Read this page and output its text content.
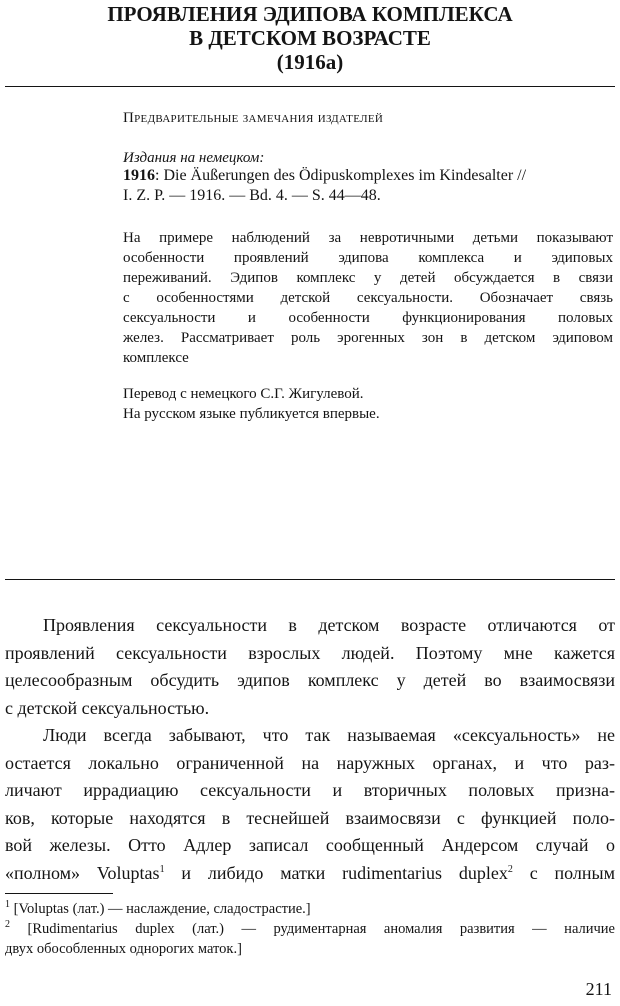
ПРОЯВЛЕНИЯ ЭДИПОВА КОМПЛЕКСА
В ДЕТСКОМ ВОЗРАСТЕ
(1916а)
Предварительные замечания издателей
Издания на немецком:
1916: Die Äußerungen des Ödipuskomplexes im Kindesalter //
I. Z. P. — 1916. — Bd. 4. — S. 44—48.
На примере наблюдений за невротичными детьми показывают
особенности проявлений эдипова комплекса и эдиповых
переживаний. Эдипов комплекс у детей обсуждается в связи
с особенностями детской сексуальности. Обозначает связь
сексуальности и особенности функционирования половых
желез. Рассматривает роль эрогенных зон в детском эдиповом
комплексе
Перевод с немецкого С.Г. Жигулевой.
На русском языке публикуется впервые.
Проявления сексуальности в детском возрасте отличаются от
проявлений сексуальности взрослых людей. Поэтому мне кажется
целесообразным обсудить эдипов комплекс у детей во взаимосвязи
с детской сексуальностью.
Люди всегда забывают, что так называемая «сексуальность» не
остается локально ограниченной на наружных органах, и что раз-
личают иррадиацию сексуальности и вторичных половых призна-
ков, которые находятся в теснейшей взаимосвязи с функцией поло-
вой железы. Отто Адлер записал сообщенный Андерсом случай о
«полном» Voluptas$^1$ и либидо матки rudimentarius duplex$^2$ с полным
$^1$ [Voluptas (лат.) — наслаждение, сладострастие.]
$^2$ [Rudimentarius duplex (лат.) — рудиментарная аномалия развития — наличие
двух обособленных однорогих маток.]
211
